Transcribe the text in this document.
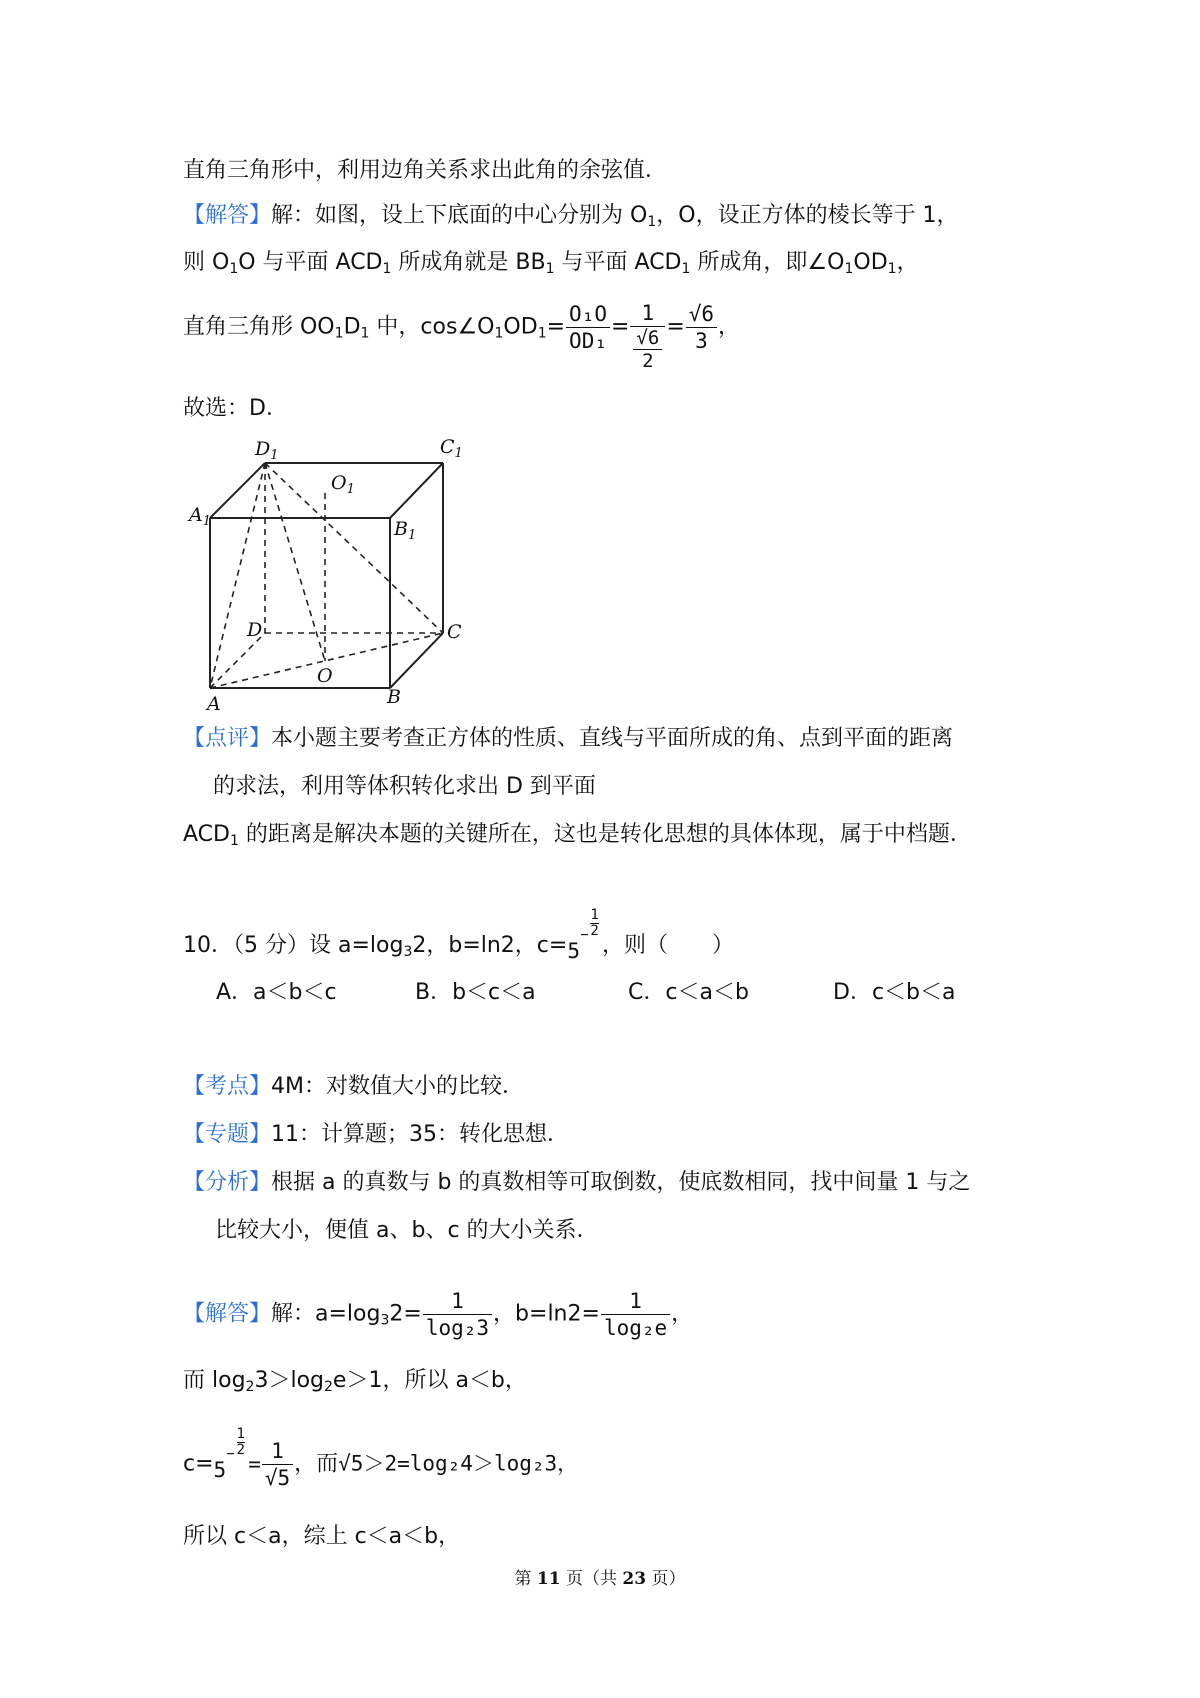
直角三角形中，利用边角关系求出此角的余弦值．
【解答】解：如图，设上下底面的中心分别为 $O_1$，O，设正方体的棱长等于 1，
则 $O_1O$ 与平面 $ACD_1$ 所成角就是 $BB_1$ 与平面 $ACD_1$ 所成角，即$\angle O_1OD_1$，
直角三角形 $OO_1D_1$ 中，$\cos\angle O_1OD_1= \frac{\text{O₁O}}{\text{OD₁}} = \frac{1}{\frac{√6}{2}} = \frac{√6}{3}$ ，
故选：D．
$D_1$	$C_1$
$O_1$
$A_1$	$B_1$
D	C
O
A	B
【点评】本小题主要考查正方体的性质、直线与平面所成的角、点到平面的距离
的求法，利用等体积转化求出 D 到平面
$ACD_1$ 的距离是解决本题的关键所在，这也是转化思想的具体体现，属于中档题．
10．（5 分）设 $a=\log_32$，b=ln2，c=5
− $\frac{1}{2}$
，则（　　）
A．a＜b＜c	B．b＜c＜a	C．c＜a＜b	D．c＜b＜a
【考点】4M：对数值大小的比较．
【专题】11：计算题；35：转化思想．
【分析】根据 a 的真数与 b 的真数相等可取倒数，使底数相同，找中间量 1 与之
比较大小，便值 a、b、c 的大小关系．
【解答】解：$a=\log_32= \frac{1}{\text{log₂3}}$ ，$b=\ln 2= \frac{1}{\text{log₂e}}$ ，
而 $\log_23>\log_2e>1$，所以 a＜b，
c=5
− $\frac{1}{2}$
= $\frac{1}{√5}$ ，而√5＞2=log₂4＞log₂3，
所以 c＜a，综上 c＜a＜b，
第 11 页（共 23 页）
